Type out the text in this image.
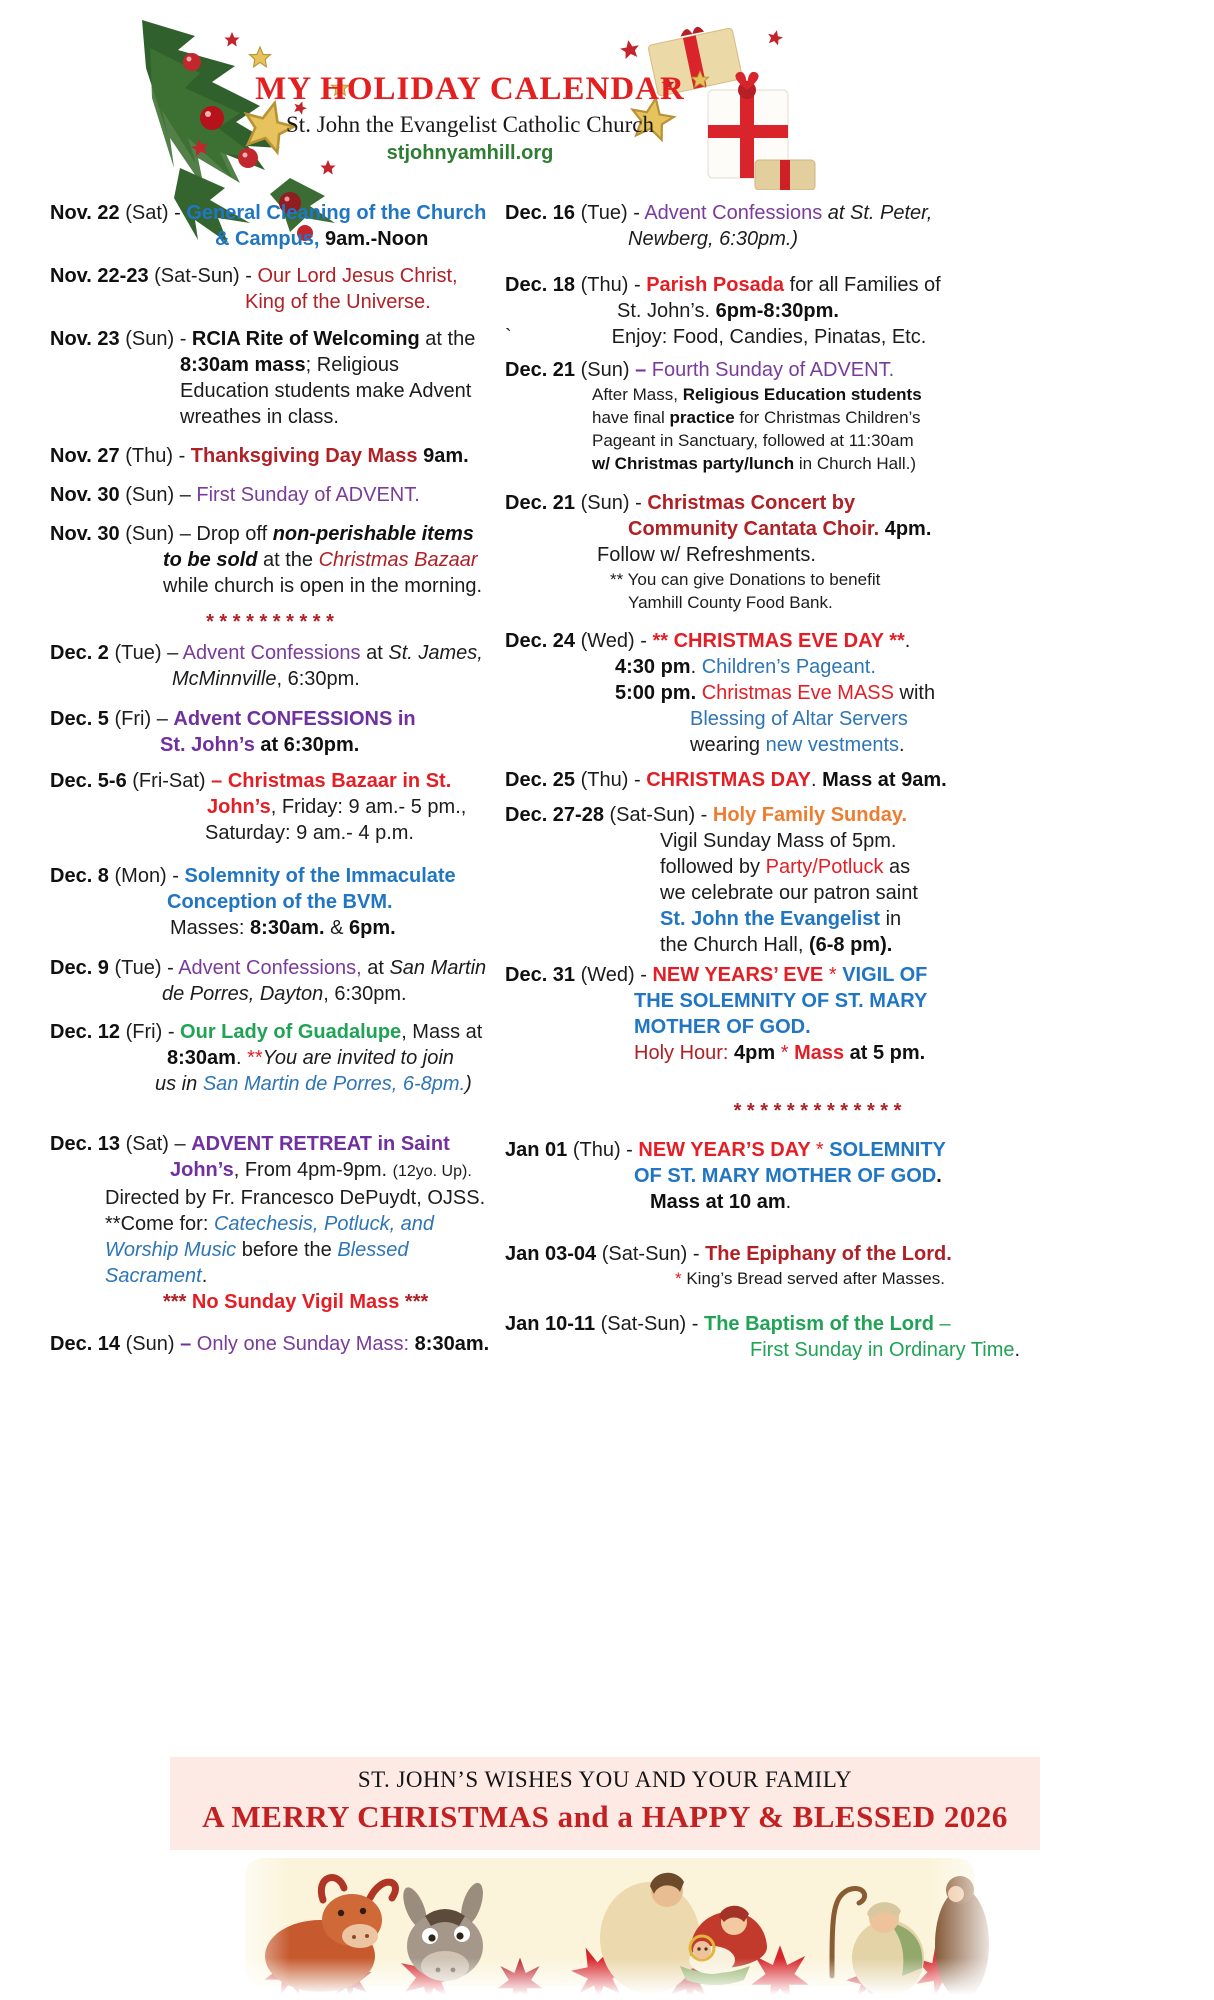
MY HOLIDAY CALENDAR
St. John the Evangelist Catholic Church
stjohnyamhill.org
Nov. 22 (Sat) - General Cleaning of the Church
& Campus, 9am.-Noon
Nov. 22-23 (Sat-Sun) - Our Lord Jesus Christ,
King of the Universe.
Nov. 23 (Sun) - RCIA Rite of Welcoming at the
8:30am mass; Religious
Education students make Advent
wreathes in class.
Nov. 27 (Thu) - Thanksgiving Day Mass 9am.
Nov. 30 (Sun) – First Sunday of ADVENT.
Nov. 30 (Sun) – Drop off non-perishable items
to be sold at the Christmas Bazaar
while church is open in the morning.
* * * * * * * * * *
Dec. 2 (Tue) – Advent Confessions at St. James,
McMinnville, 6:30pm.
Dec. 5 (Fri) – Advent CONFESSIONS in
St. John’s at 6:30pm.
Dec. 5-6 (Fri-Sat) – Christmas Bazaar in St.
John’s, Friday: 9 am.- 5 pm.,
Saturday: 9 am.- 4 p.m.
Dec. 8 (Mon) - Solemnity of the Immaculate
Conception of the BVM.
Masses: 8:30am. & 6pm.
Dec. 9 (Tue) - Advent Confessions, at San Martin
de Porres, Dayton, 6:30pm.
Dec. 12 (Fri) - Our Lady of Guadalupe, Mass at
8:30am. **You are invited to join
us in San Martin de Porres, 6-8pm.)
Dec. 13 (Sat) – ADVENT RETREAT in Saint
John’s, From 4pm-9pm. (12yo. Up).
Directed by Fr. Francesco DePuydt, OJSS.
**Come for: Catechesis, Potluck, and
Worship Music before the Blessed
Sacrament.
*** No Sunday Vigil Mass ***
Dec. 14 (Sun) – Only one Sunday Mass: 8:30am.
Dec. 16 (Tue) - Advent Confessions at St. Peter,
Newberg, 6:30pm.)
Dec. 18 (Thu) - Parish Posada for all Families of
St. John’s. 6pm-8:30pm.
`	Enjoy: Food, Candies, Pinatas, Etc.
Dec. 21 (Sun) – Fourth Sunday of ADVENT.
After Mass, Religious Education students
have final practice for Christmas Children’s
Pageant in Sanctuary, followed at 11:30am
w/ Christmas party/lunch in Church Hall.)
Dec. 21 (Sun) - Christmas Concert by
Community Cantata Choir. 4pm.
Follow w/ Refreshments.
** You can give Donations to benefit
Yamhill County Food Bank.
Dec. 24 (Wed) - ** CHRISTMAS EVE DAY **.
4:30 pm. Children’s Pageant.
5:00 pm. Christmas Eve MASS with
Blessing of Altar Servers
wearing new vestments.
Dec. 25 (Thu) - CHRISTMAS DAY. Mass at 9am.
Dec. 27-28 (Sat-Sun) - Holy Family Sunday.
Vigil Sunday Mass of 5pm.
followed by Party/Potluck as
we celebrate our patron saint
St. John the Evangelist in
the Church Hall, (6-8 pm).
Dec. 31 (Wed) - NEW YEARS’ EVE * VIGIL OF
THE SOLEMNITY OF ST. MARY
MOTHER OF GOD.
Holy Hour: 4pm * Mass at 5 pm.
* * * * * * * * * * * * *
Jan 01 (Thu) - NEW YEAR’S DAY * SOLEMNITY
OF ST. MARY MOTHER OF GOD.
Mass at 10 am.
Jan 03-04 (Sat-Sun) - The Epiphany of the Lord.
* King’s Bread served after Masses.
Jan 10-11 (Sat-Sun) - The Baptism of the Lord –
First Sunday in Ordinary Time.
ST. JOHN’S WISHES YOU AND YOUR FAMILY
A MERRY CHRISTMAS and a HAPPY & BLESSED 2026
